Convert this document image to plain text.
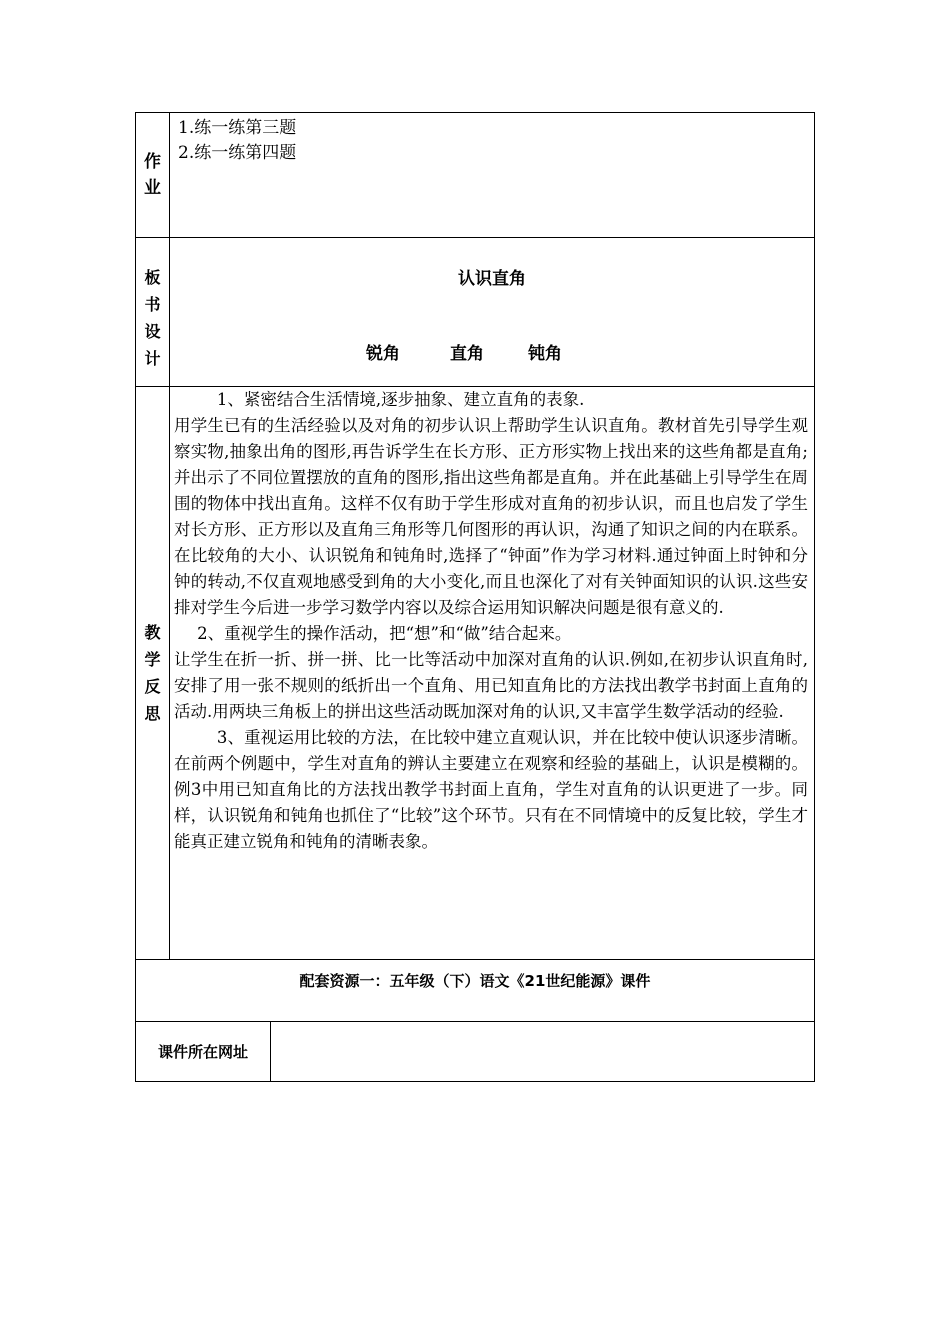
作
业
1.练一练第三题
2.练一练第四题
板
书
设
计
认识直角
锐角	直角	钝角
教
学
反
思

1、紧密结合生活情境,逐步抽象、建立直角的表象.

用学生已有的生活经验以及对角的初步认识上帮助学生认识直角。教材首先引导学生观察实物,抽象出角的图形,再告诉学生在长方形、正方形实物上找出来的这些角都是直角;并出示了不同位置摆放的直角的图形,指出这些角都是直角。并在此基础上引导学生在周围的物体中找出直角。这样不仅有助于学生形成对直角的初步认识，而且也启发了学生对长方形、正方形以及直角三角形等几何图形的再认识，沟通了知识之间的内在联系。在比较角的大小、认识锐角和钝角时,选择了“钟面”作为学习材料.通过钟面上时钟和分钟的转动,不仅直观地感受到角的大小变化,而且也深化了对有关钟面知识的认识.这些安排对学生今后进一步学习数学内容以及综合运用知识解决问题是很有意义的.

2、重视学生的操作活动，把“想”和“做”结合起来。

让学生在折一折、拼一拼、比一比等活动中加深对直角的认识.例如,在初步认识直角时,安排了用一张不规则的纸折出一个直角、用已知直角比的方法找出教学书封面上直角的活动.用两块三角板上的拼出这些活动既加深对角的认识,又丰富学生数学活动的经验.

3、重视运用比较的方法，在比较中建立直观认识，并在比较中使认识逐步清晰。在前两个例题中，学生对直角的辨认主要建立在观察和经验的基础上，认识是模糊的。例3中用已知直角比的方法找出教学书封面上直角，学生对直角的认识更进了一步。同样，认识锐角和钝角也抓住了“比较”这个环节。只有在不同情境中的反复比较，学生才能真正建立锐角和钝角的清晰表象。

配套资源一：五年级（下）语文《21世纪能源》课件
课件所在网址
